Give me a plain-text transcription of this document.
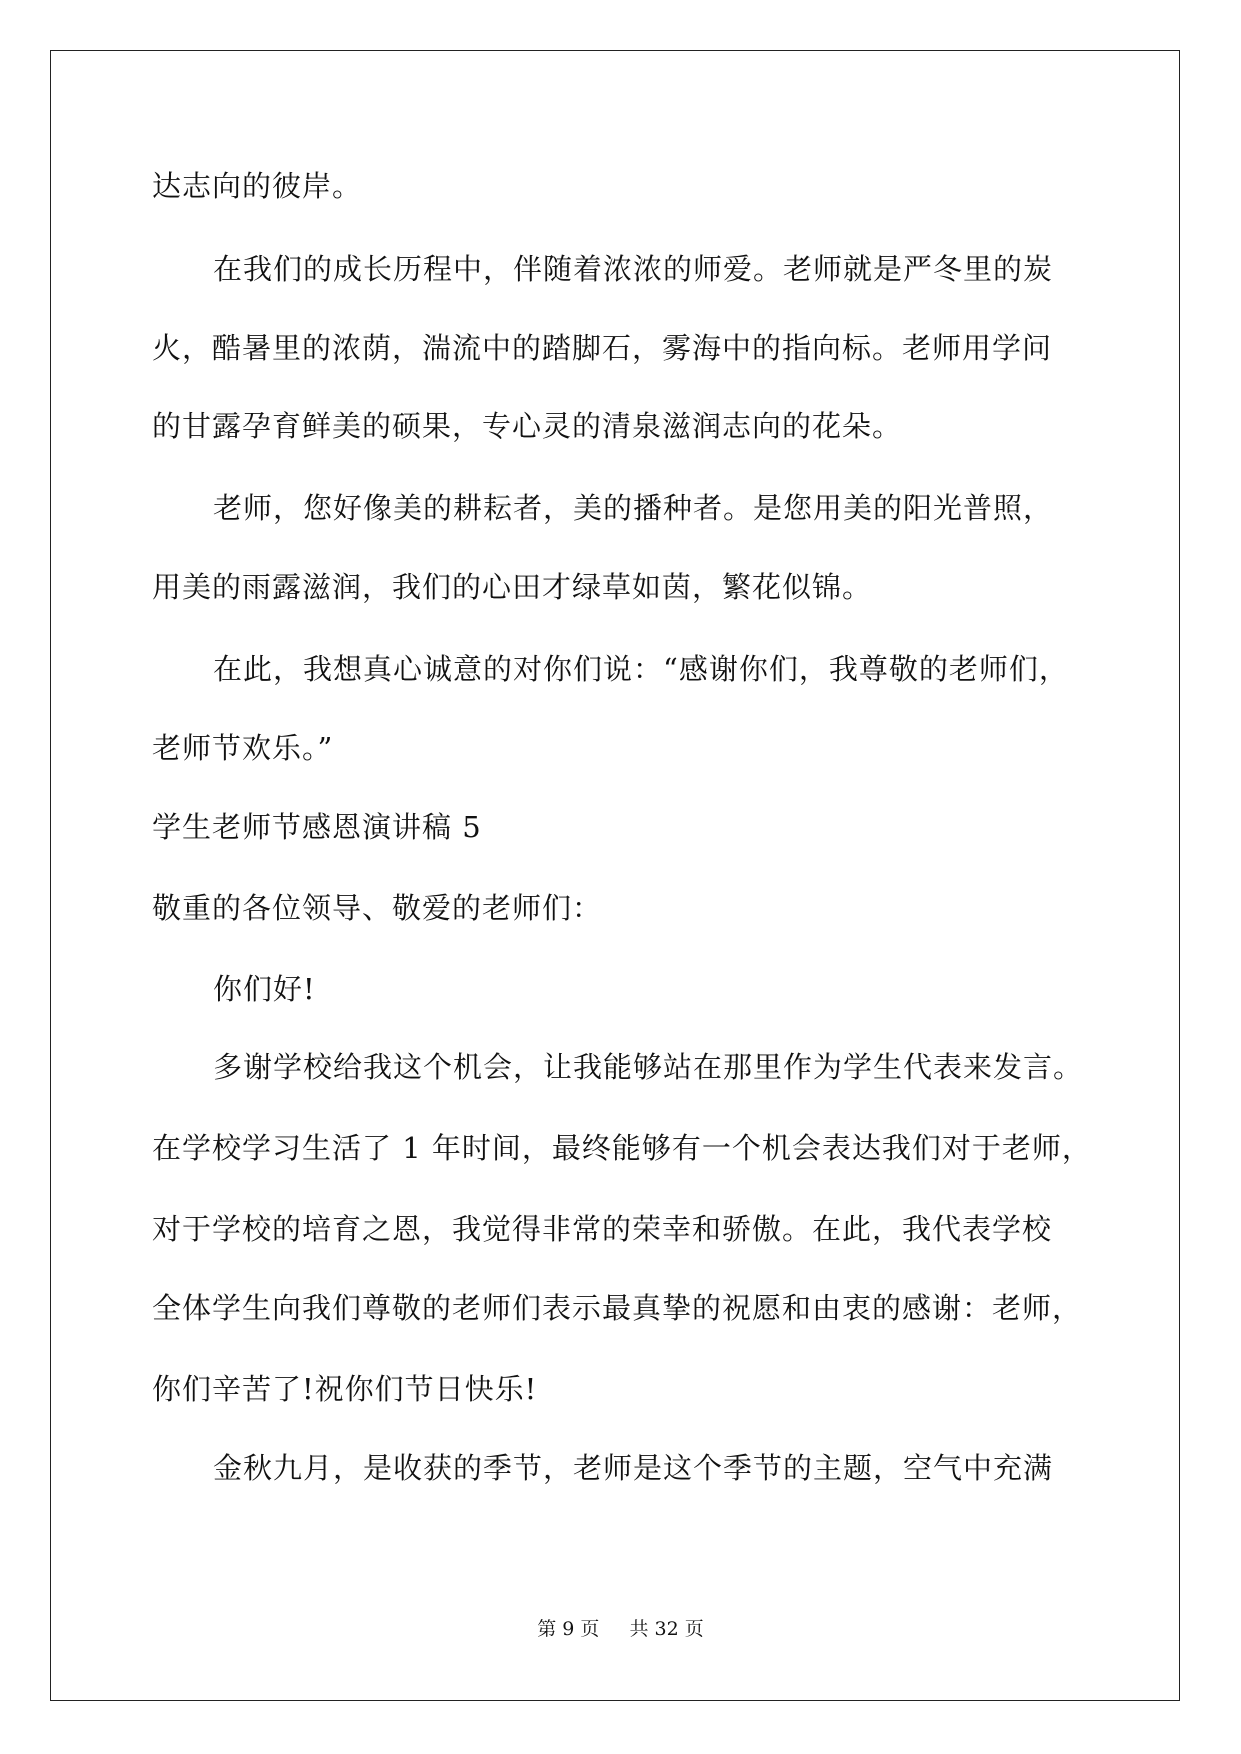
达志向的彼岸。
在我们的成长历程中，伴随着浓浓的师爱。老师就是严冬里的炭
火，酷暑里的浓荫，湍流中的踏脚石，雾海中的指向标。老师用学问
的甘露孕育鲜美的硕果，专心灵的清泉滋润志向的花朵。
老师，您好像美的耕耘者，美的播种者。是您用美的阳光普照，
用美的雨露滋润，我们的心田才绿草如茵，繁花似锦。
在此，我想真心诚意的对你们说：“感谢你们，我尊敬的老师们，
老师节欢乐。”
学生老师节感恩演讲稿 5
敬重的各位领导、敬爱的老师们：
你们好!
多谢学校给我这个机会，让我能够站在那里作为学生代表来发言。
在学校学习生活了 1 年时间，最终能够有一个机会表达我们对于老师，
对于学校的培育之恩，我觉得非常的荣幸和骄傲。在此，我代表学校
全体学生向我们尊敬的老师们表示最真挚的祝愿和由衷的感谢：老师，
你们辛苦了!祝你们节日快乐!
金秋九月，是收获的季节，老师是这个季节的主题，空气中充满
第 9 页 共 32 页
